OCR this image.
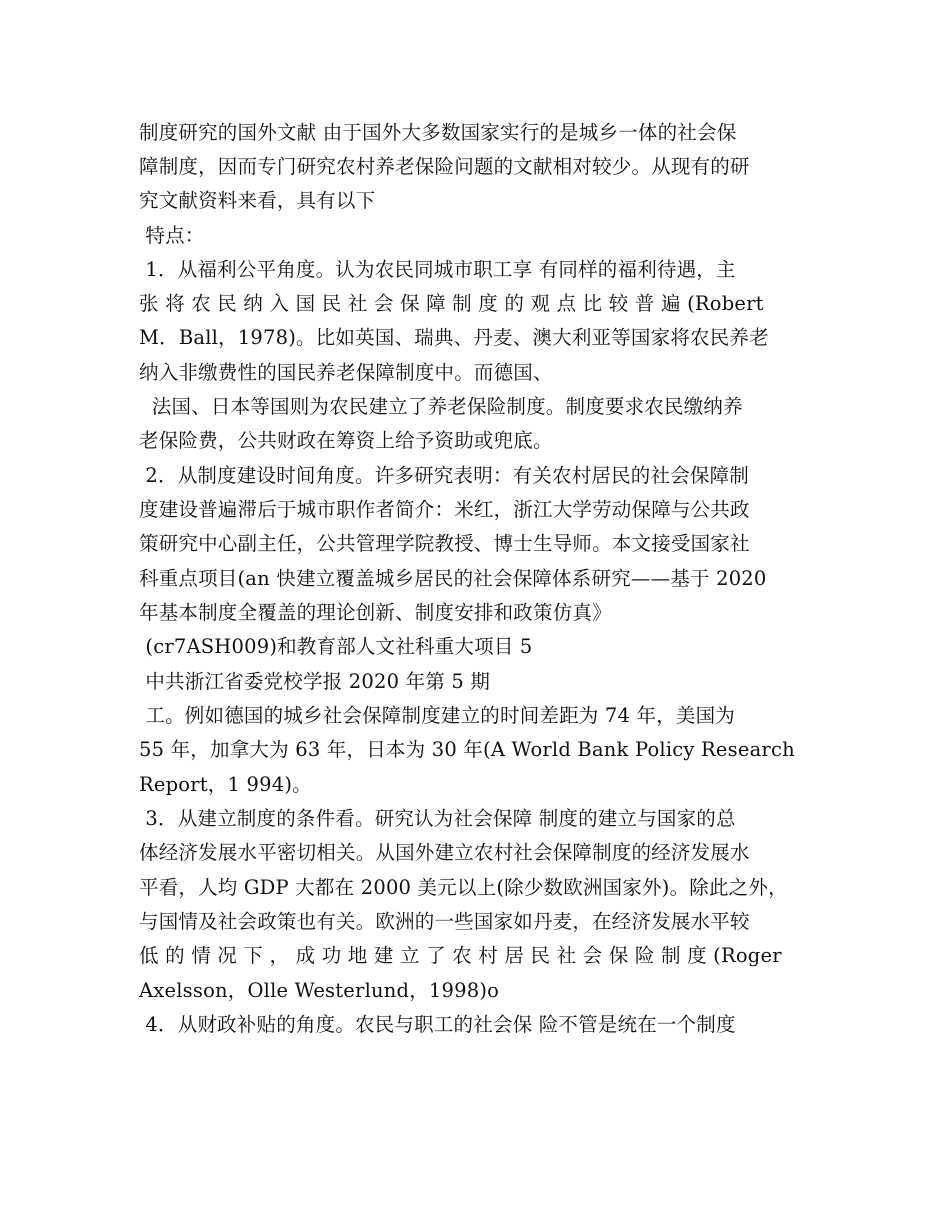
制度研究的国外文献 由于国外大多数国家实行的是城乡一体的社会保
障制度，因而专门研究农村养老保险问题的文献相对较少。从现有的研
究文献资料来看，具有以下
特点：
1．从福利公平角度。认为农民同城市职工享 有同样的福利待遇，主
张 将 农 民 纳 入 国 民 社 会 保 障 制 度 的 观 点 比 较 普 遍 (Robert
M．Ball，1978)。比如英国、瑞典、丹麦、澳大利亚等国家将农民养老
纳入非缴费性的国民养老保障制度中。而德国、
法国、日本等国则为农民建立了养老保险制度。制度要求农民缴纳养
老保险费，公共财政在筹资上给予资助或兜底。
2．从制度建设时间角度。许多研究表明：有关农村居民的社会保障制
度建设普遍滞后于城市职作者简介：米红，浙江大学劳动保障与公共政
策研究中心副主任，公共管理学院教授、博士生导师。本文接受国家社
科重点项目(an 快建立覆盖城乡居民的社会保障体系研究——基于 2020
年基本制度全覆盖的理论创新、制度安排和政策仿真》
(cr7ASH009)和教育部人文社科重大项目 5
中共浙江省委党校学报 2020 年第 5 期
工。例如德国的城乡社会保障制度建立的时间差距为 74 年，美国为
55 年，加拿大为 63 年，日本为 30 年(A World Bank Policy Research
Report，1 994)。
3．从建立制度的条件看。研究认为社会保障 制度的建立与国家的总
体经济发展水平密切相关。从国外建立农村社会保障制度的经济发展水
平看，人均 GDP 大都在 2000 美元以上(除少数欧洲国家外)。除此之外，
与国情及社会政策也有关。欧洲的一些国家如丹麦，在经济发展水平较
低 的 情 况 下 ， 成 功 地 建 立 了 农 村 居 民 社 会 保 险 制 度 (Roger
Axelsson，Olle Westerlund，1998)o
4．从财政补贴的角度。农民与职工的社会保 险不管是统在一个制度
